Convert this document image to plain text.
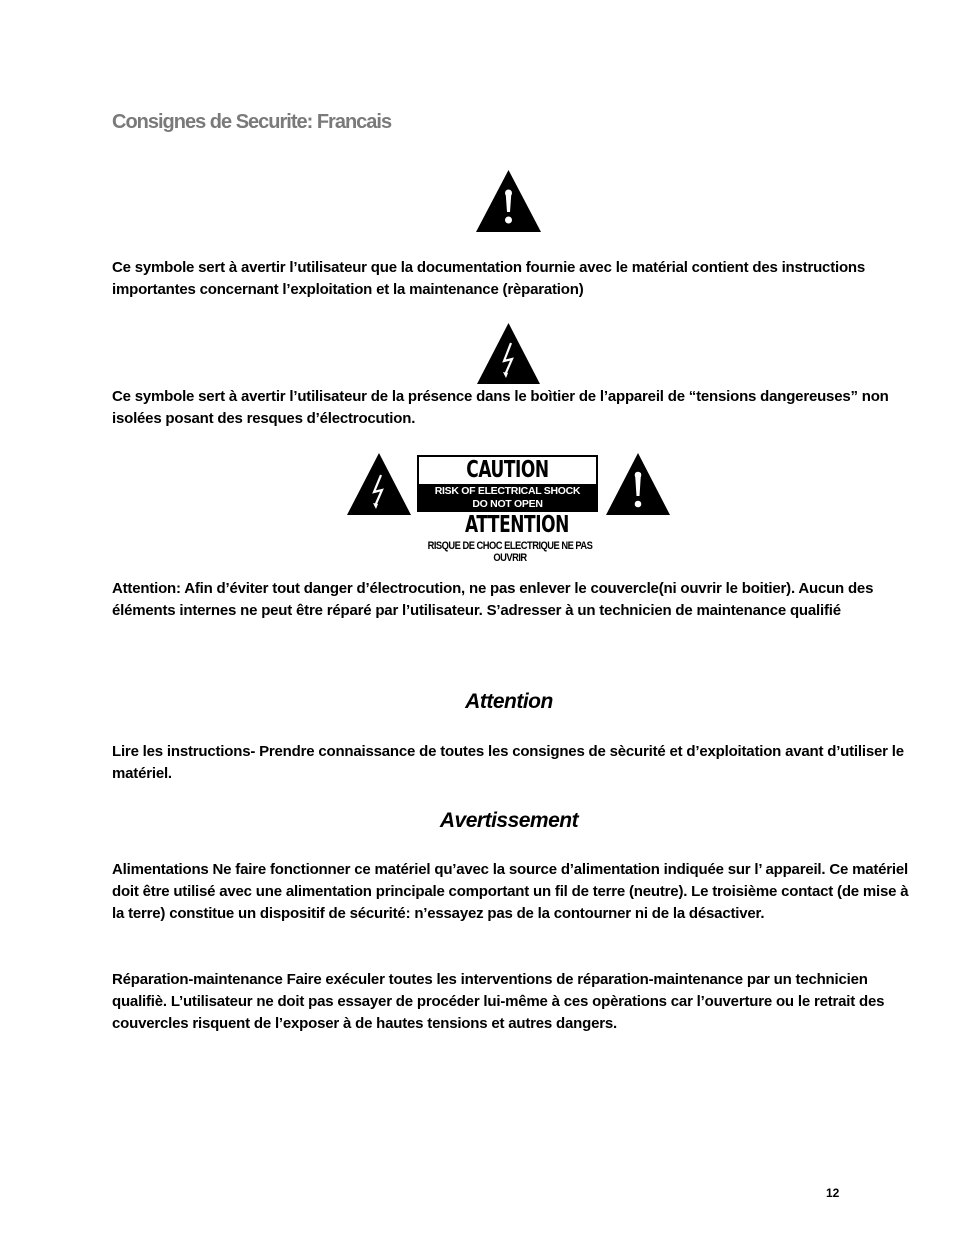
Consignes de Securite: Francais
Ce symbole sert à avertir l’utilisateur que la documentation fournie avec le matérial contient des instructions importantes concernant l’exploitation et la maintenance (rèparation)
Ce symbole sert à avertir l’utilisateur de la présence dans le boìtier de l’appareil de “tensions dangereuses” non isolées posant des resques d’électrocution.
CAUTION
RISK OF ELECTRICAL SHOCK
DO NOT OPEN
ATTENTION
RISQUE DE CHOC ELECTRIQUE NE PAS OUVRIR
Attention: Afin d’éviter tout danger d’électrocution, ne pas enlever le couvercle(ni ouvrir le boitier). Aucun des éléments internes ne peut être réparé par l’utilisateur. S’adresser à un technicien de maintenance qualifié
Attention
Lire les instructions- Prendre connaissance de toutes les consignes de sècurité et d’exploitation avant d’utiliser le matériel.
Avertissement
Alimentations Ne faire fonctionner ce matériel qu’avec la source d’alimentation indiquée sur l’ appareil. Ce matériel doit être utilisé avec une alimentation principale comportant un fil de terre (neutre). Le troisième contact (de mise à la terre) constitue un dispositif de sécurité: n’essayez pas de la contourner ni de la désactiver.
Réparation-maintenance Faire exéculer toutes les interventions de réparation-maintenance par un technicien qualifiè. L’utilisateur ne doit pas essayer de procéder lui-même à ces opèrations car l’ouverture ou le retrait des couvercles risquent de l’exposer à de hautes tensions et autres dangers.
12
